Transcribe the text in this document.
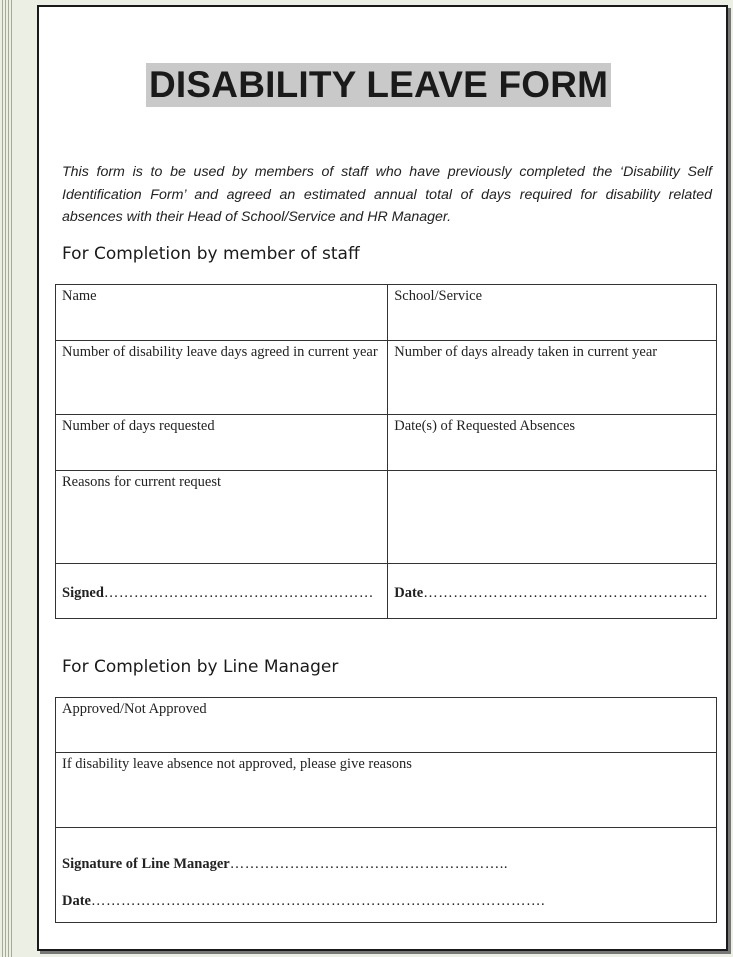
DISABILITY LEAVE FORM
This form is to be used by members of staff who have previously completed the ‘Disability Self Identification Form’ and agreed an estimated annual total of days required for disability related absences with their Head of School/Service and HR Manager.
For Completion by member of staff
Name	School/Service
Number of disability leave days agreed in current year	Number of days already taken in current year
Number of days requested	Date(s) of Requested Absences
Reasons for current request	
Signed………………………………………………	Date…………………………………………………
For Completion by Line Manager
Approved/Not Approved
If disability leave absence not approved, please give reasons

Signature of Line Manager………………………………………………..
Date……………………………………………………………………………….
